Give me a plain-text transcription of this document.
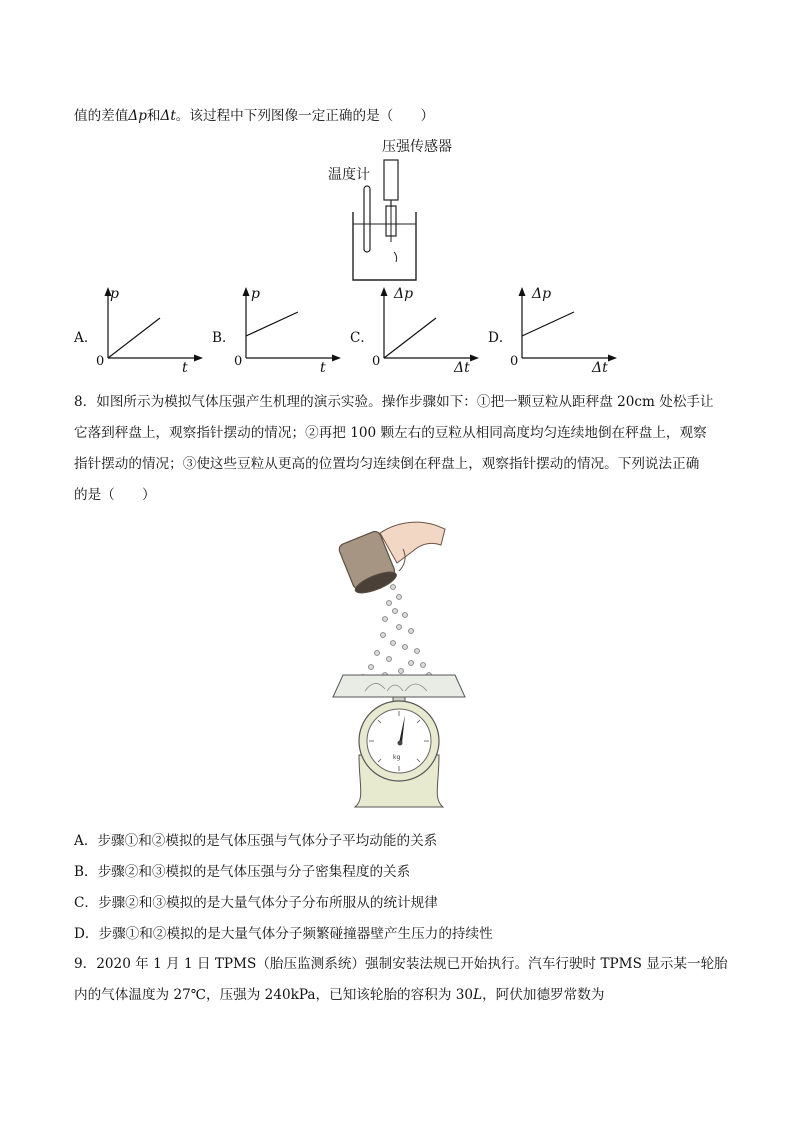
值的差值Δp和Δt。该过程中下列图像一定正确的是（　　）
压强传感器
温度计
A．
p
t
0
B．
p
t
0
C．
Δp
Δt
0
D．
Δp
Δt
0
8．如图所示为模拟气体压强产生机理的演示实验。操作步骤如下：①把一颗豆粒从距秤盘 20cm 处松手让
它落到秤盘上，观察指针摆动的情况；②再把 100 颗左右的豆粒从相同高度均匀连续地倒在秤盘上，观察
指针摆动的情况；③使这些豆粒从更高的位置均匀连续倒在秤盘上，观察指针摆动的情况。下列说法正确
的是（　　）
kg
A．步骤①和②模拟的是气体压强与气体分子平均动能的关系
B．步骤②和③模拟的是气体压强与分子密集程度的关系
C．步骤②和③模拟的是大量气体分子分布所服从的统计规律
D．步骤①和②模拟的是大量气体分子频繁碰撞器壁产生压力的持续性
9．2020 年 1 月 1 日 TPMS（胎压监测系统）强制安装法规已开始执行。汽车行驶时 TPMS 显示某一轮胎
内的气体温度为 27℃，压强为 240kPa，已知该轮胎的容积为 30L，阿伏加德罗常数为
